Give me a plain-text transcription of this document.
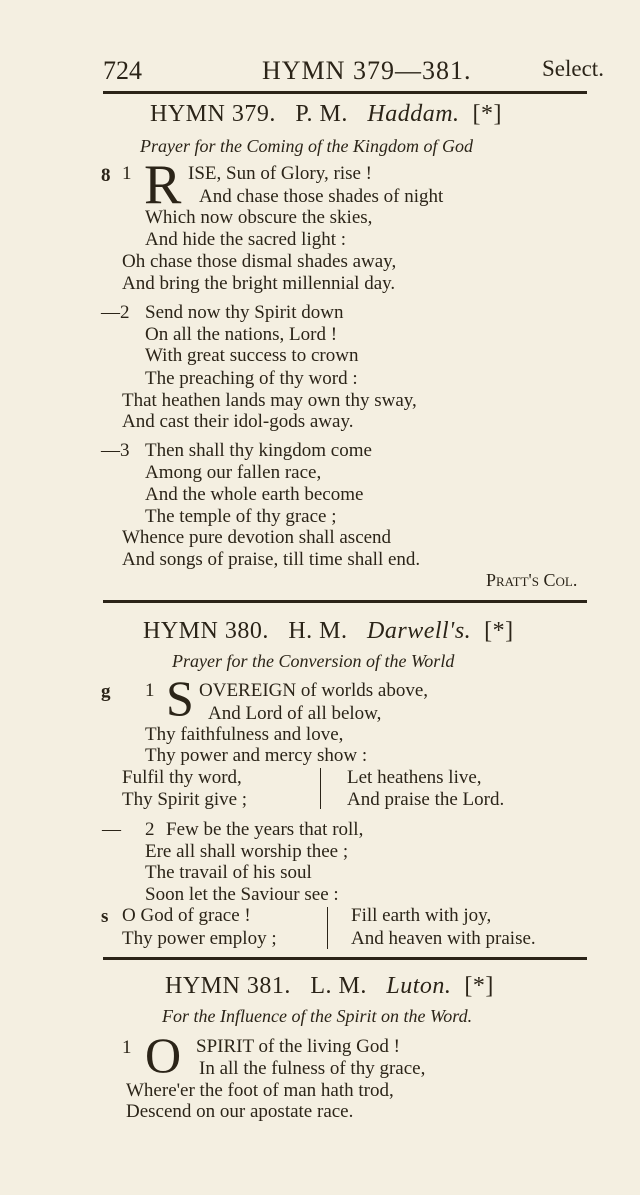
724	HYMN 379—381.	Select.
HYMN 379. P. M. Haddam. [*]
Prayer for the Coming of the Kingdom of God
8 1 R ISE, Sun of Glory, rise !
And chase those shades of night
Which now obscure the skies,
And hide the sacred light :
Oh chase those dismal shades away,
And bring the bright millennial day.
—2 Send now thy Spirit down
On all the nations, Lord !
With great success to crown
The preaching of thy word :
That heathen lands may own thy sway,
And cast their idol-gods away.
—3 Then shall thy kingdom come
Among our fallen race,
And the whole earth become
The temple of thy grace ;
Whence pure devotion shall ascend
And songs of praise, till time shall end.
Pratt's Col.
HYMN 380. H. M. Darwell's. [*]
Prayer for the Conversion of the World
g 1 S OVEREIGN of worlds above,
And Lord of all below,
Thy faithfulness and love,
Thy power and mercy show :
Fulfil thy word,
Thy Spirit give ;
Let heathens live,
And praise the Lord.
— 2 Few be the years that roll,
Ere all shall worship thee ;
The travail of his soul
Soon let the Saviour see :
s O God of grace !
Thy power employ ;
Fill earth with joy,
And heaven with praise.
HYMN 381. L. M. Luton. [*]
For the Influence of the Spirit on the Word.
1 O SPIRIT of the living God !
In all the fulness of thy grace,
Where'er the foot of man hath trod,
Descend on our apostate race.
